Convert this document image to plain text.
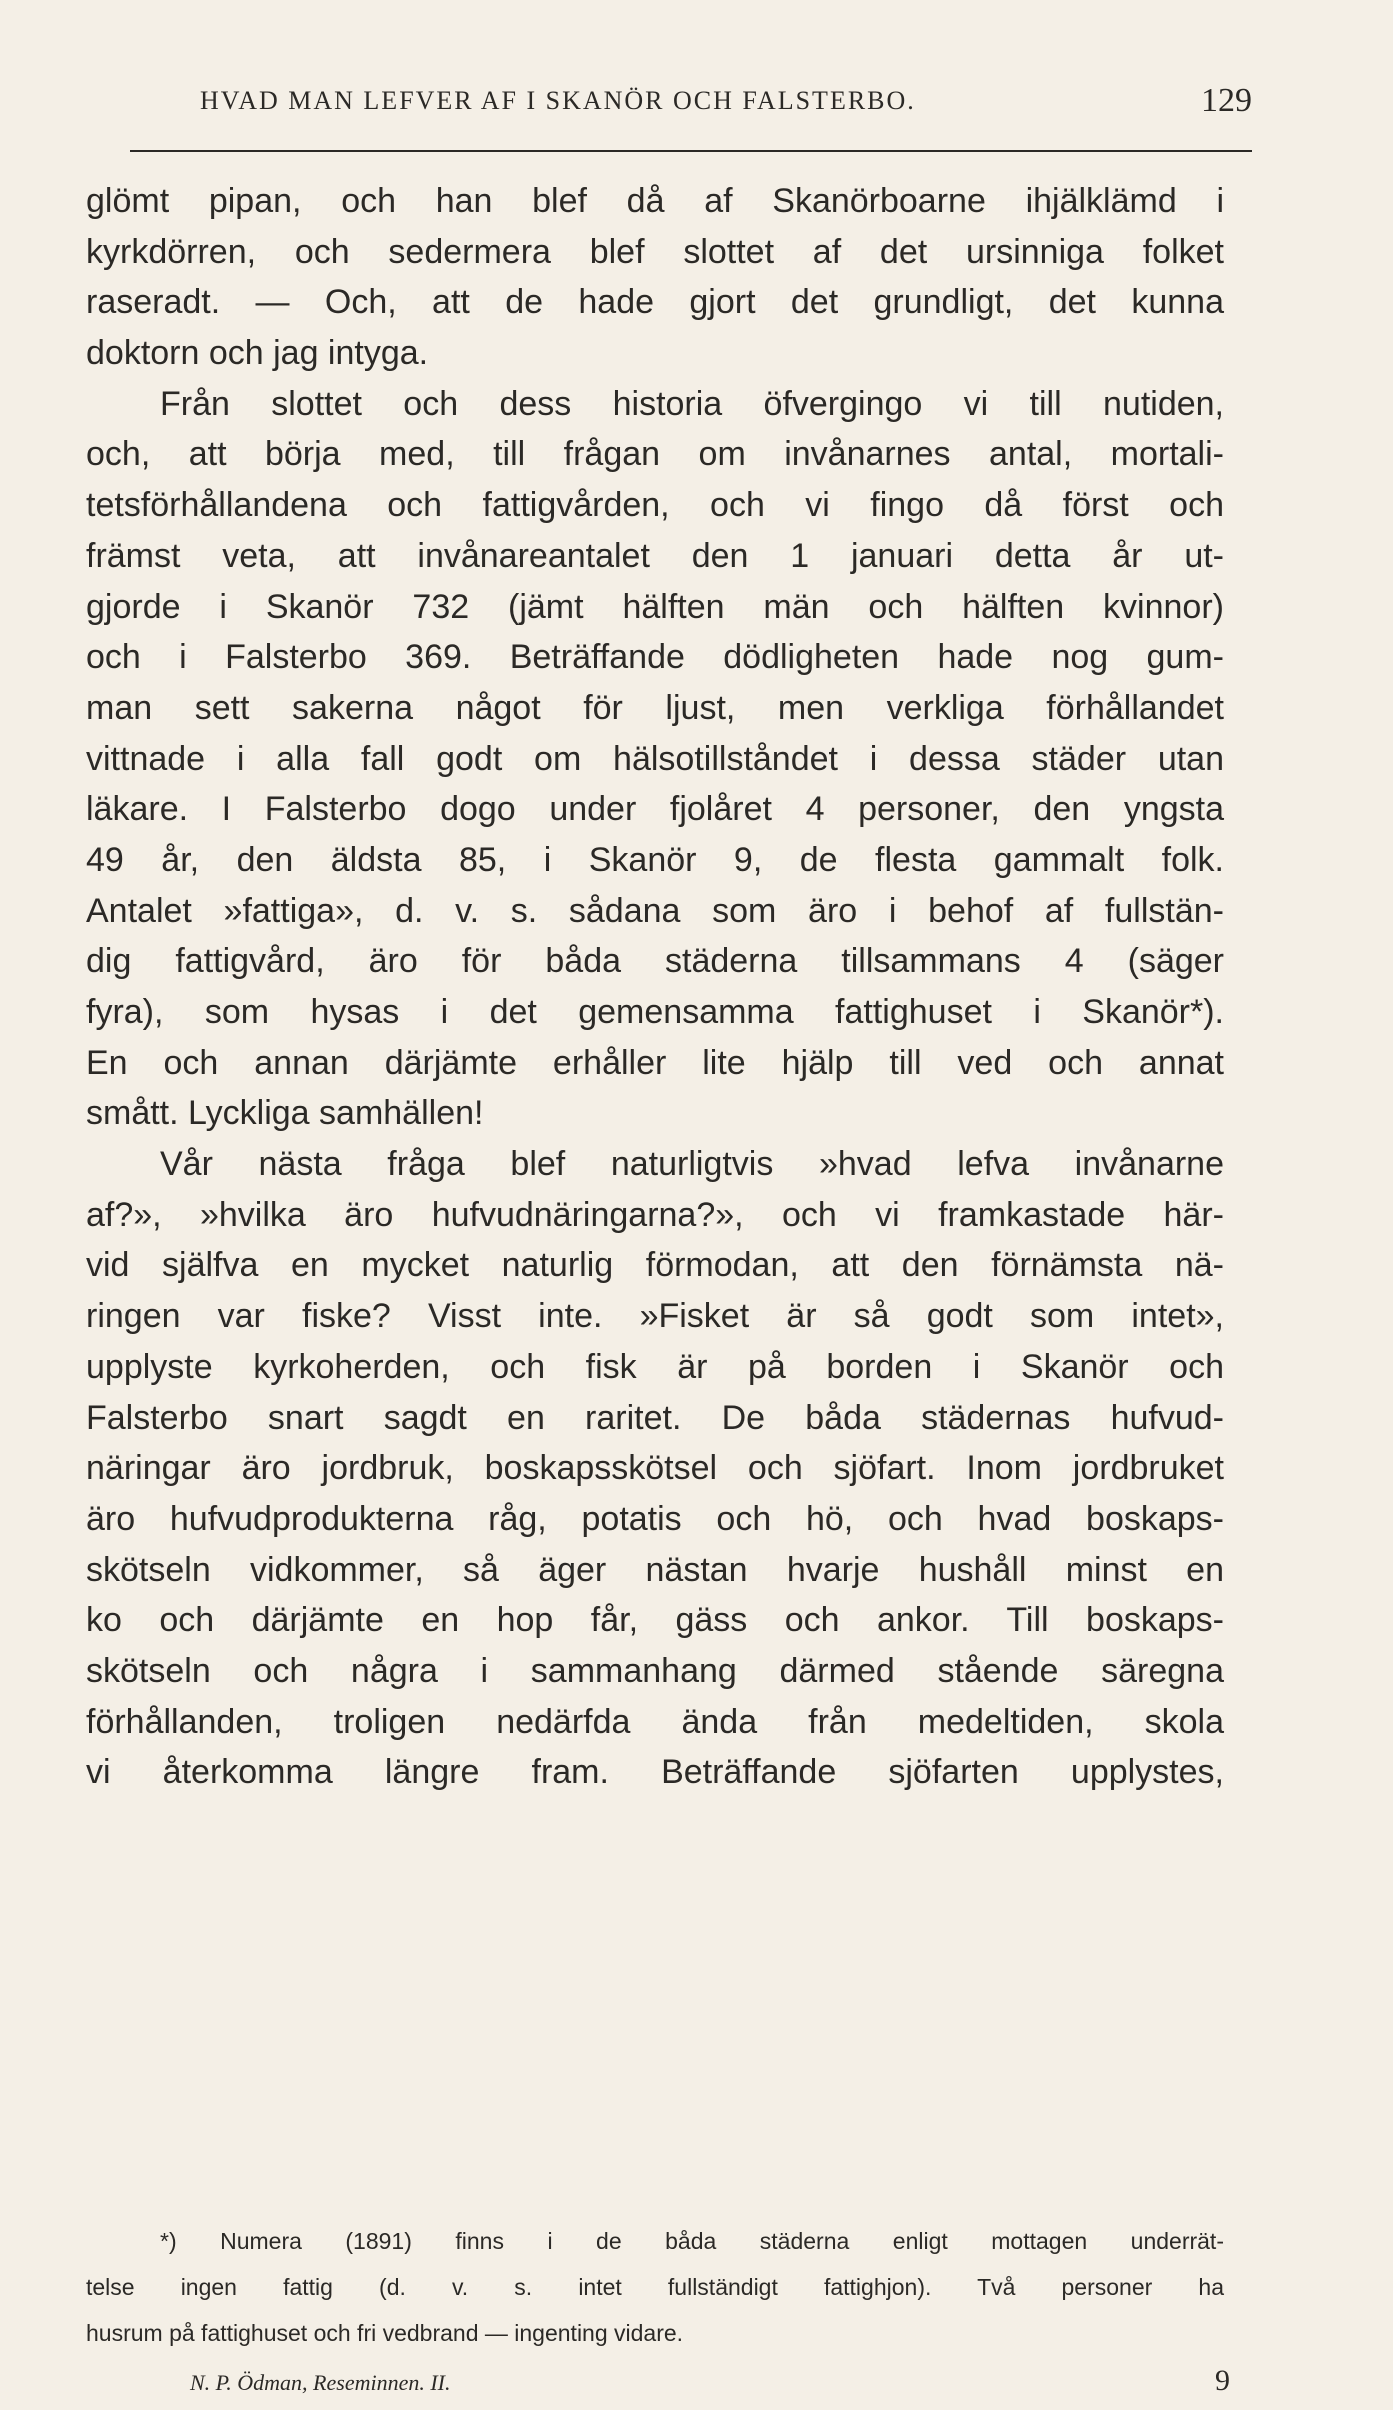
HVAD MAN LEFVER AF I SKANÖR OCH FALSTERBO.	129
glömt pipan, och han blef då af Skanörboarne ihjälklämd i
kyrkdörren, och sedermera blef slottet af det ursinniga folket
raseradt. — Och, att de hade gjort det grundligt, det kunna
doktorn och jag intyga.
Från slottet och dess historia öfvergingo vi till nutiden,
och, att börja med, till frågan om invånarnes antal, mortali-
tetsförhållandena och fattigvården, och vi fingo då först och
främst veta, att invånareantalet den 1 januari detta år ut-
gjorde i Skanör 732 (jämt hälften män och hälften kvinnor)
och i Falsterbo 369. Beträffande dödligheten hade nog gum-
man sett sakerna något för ljust, men verkliga förhållandet
vittnade i alla fall godt om hälsotillståndet i dessa städer utan
läkare. I Falsterbo dogo under fjolåret 4 personer, den yngsta
49 år, den äldsta 85, i Skanör 9, de flesta gammalt folk.
Antalet »fattiga», d. v. s. sådana som äro i behof af fullstän-
dig fattigvård, äro för båda städerna tillsammans 4 (säger
fyra), som hysas i det gemensamma fattighuset i Skanör*).
En och annan därjämte erhåller lite hjälp till ved och annat
smått. Lyckliga samhällen!
Vår nästa fråga blef naturligtvis »hvad lefva invånarne
af?», »hvilka äro hufvudnäringarna?», och vi framkastade här-
vid själfva en mycket naturlig förmodan, att den förnämsta nä-
ringen var fiske? Visst inte. »Fisket är så godt som intet»,
upplyste kyrkoherden, och fisk är på borden i Skanör och
Falsterbo snart sagdt en raritet. De båda städernas hufvud-
näringar äro jordbruk, boskapsskötsel och sjöfart. Inom jordbruket
äro hufvudprodukterna råg, potatis och hö, och hvad boskaps-
skötseln vidkommer, så äger nästan hvarje hushåll minst en
ko och därjämte en hop får, gäss och ankor. Till boskaps-
skötseln och några i sammanhang därmed stående säregna
förhållanden, troligen nedärfda ända från medeltiden, skola
vi återkomma längre fram. Beträffande sjöfarten upplystes,
*) Numera (1891) finns i de båda städerna enligt mottagen underrät-
telse ingen fattig (d. v. s. intet fullständigt fattighjon). Två personer ha
husrum på fattighuset och fri vedbrand — ingenting vidare.
N. P. Ödman, Reseminnen. II.	9
